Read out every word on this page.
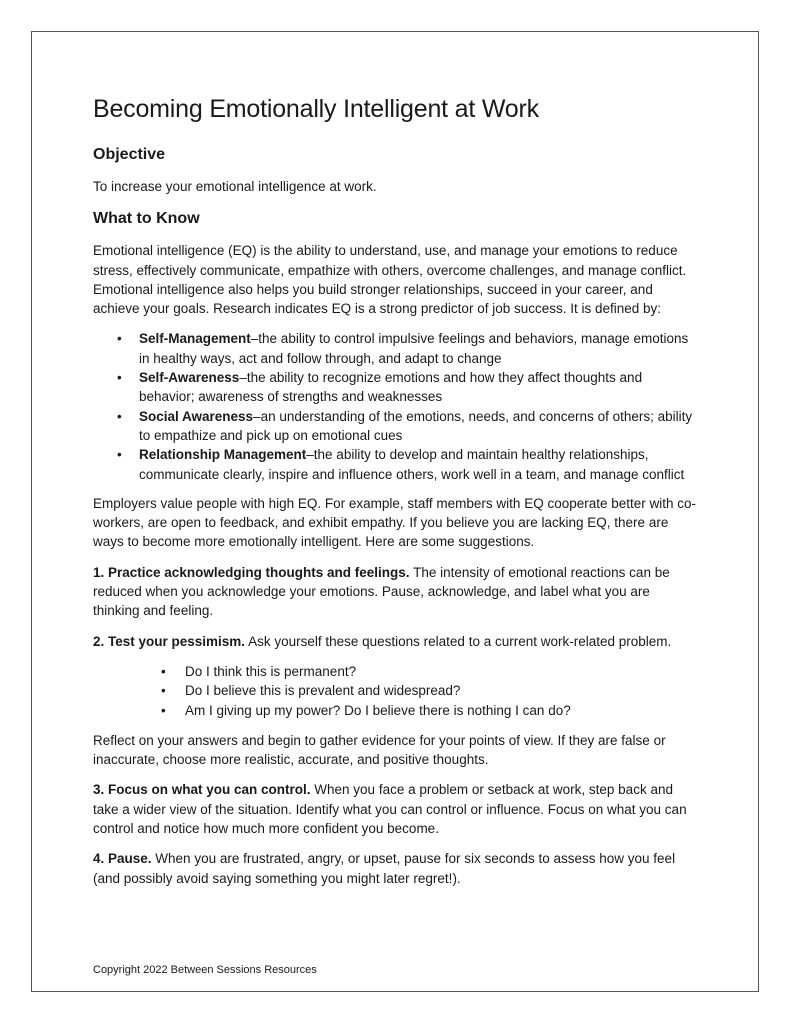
Becoming Emotionally Intelligent at Work
Objective

To increase your emotional intelligence at work.

What to Know

Emotional intelligence (EQ) is the ability to understand, use, and manage your emotions to reduce stress, effectively communicate, empathize with others, overcome challenges, and manage conflict. Emotional intelligence also helps you build stronger relationships, succeed in your career, and achieve your goals. Research indicates EQ is a strong predictor of job success. It is defined by:

• Self-Management–the ability to control impulsive feelings and behaviors, manage emotions in healthy ways, act and follow through, and adapt to change
• Self-Awareness–the ability to recognize emotions and how they affect thoughts and behavior; awareness of strengths and weaknesses
• Social Awareness–an understanding of the emotions, needs, and concerns of others; ability to empathize and pick up on emotional cues
• Relationship Management–the ability to develop and maintain healthy relationships, communicate clearly, inspire and influence others, work well in a team, and manage conflict

Employers value people with high EQ. For example, staff members with EQ cooperate better with co-workers, are open to feedback, and exhibit empathy. If you believe you are lacking EQ, there are ways to become more emotionally intelligent. Here are some suggestions.

1. Practice acknowledging thoughts and feelings. The intensity of emotional reactions can be reduced when you acknowledge your emotions. Pause, acknowledge, and label what you are thinking and feeling.

2. Test your pessimism. Ask yourself these questions related to a current work-related problem.

• Do I think this is permanent?
• Do I believe this is prevalent and widespread?
• Am I giving up my power? Do I believe there is nothing I can do?

Reflect on your answers and begin to gather evidence for your points of view. If they are false or inaccurate, choose more realistic, accurate, and positive thoughts.

3. Focus on what you can control. When you face a problem or setback at work, step back and take a wider view of the situation. Identify what you can control or influence. Focus on what you can control and notice how much more confident you become.

4. Pause. When you are frustrated, angry, or upset, pause for six seconds to assess how you feel (and possibly avoid saying something you might later regret!).

Copyright 2022 Between Sessions Resources
